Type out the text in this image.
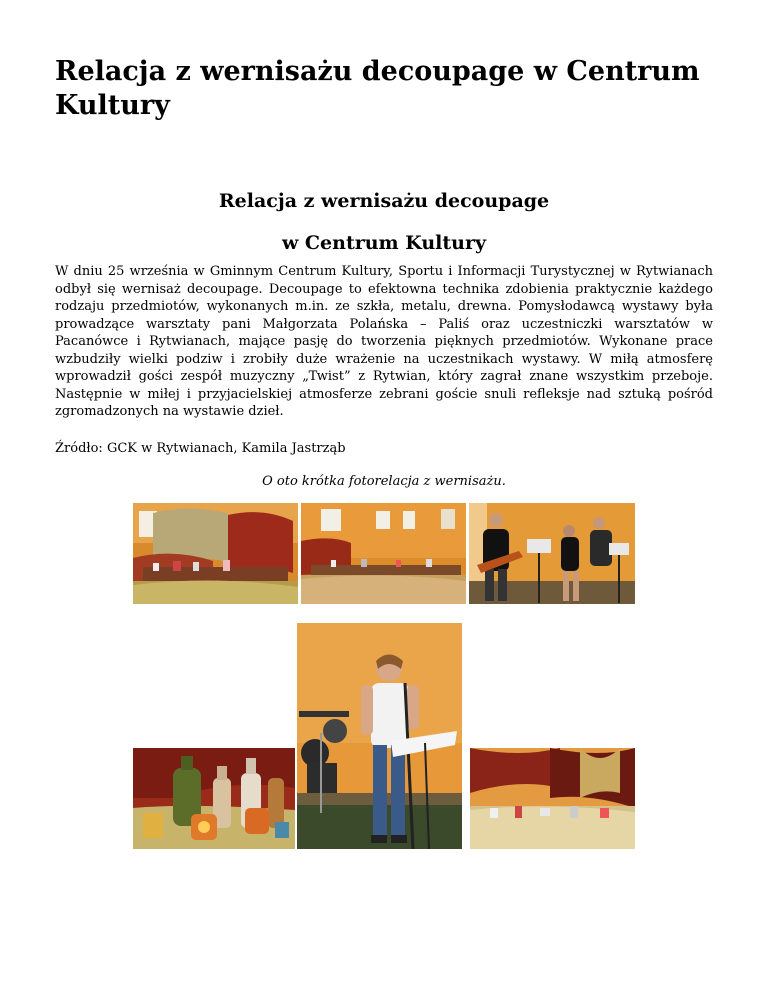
Relacja z wernisażu decoupage w Centrum Kultury
Relacja z wernisażu decoupage
w Centrum Kultury

W dniu 25 września w Gminnym Centrum Kultury, Sportu i Informacji Turystycznej w Rytwianach odbył się wernisaż decoupage. Decoupage to efektowna technika zdobienia praktycznie każdego rodzaju przedmiotów, wykonanych m.in. ze szkła, metalu, drewna. Pomysłodawcą wystawy była prowadzące warsztaty pani Małgorzata Polańska – Paliś oraz uczestniczki warsztatów w Pacanówce i Rytwianach, mające pasję do tworzenia pięknych przedmiotów. Wykonane prace wzbudziły wielki podziw i zrobiły duże wrażenie na uczestnikach wystawy. W miłą atmosferę wprowadził gości zespół muzyczny „Twist” z Rytwian, który zagrał znane wszystkim przeboje. Następnie w miłej i przyjacielskiej atmosferze zebrani goście snuli refleksje nad sztuką pośród zgromadzonych na wystawie dzieł.

Źródło: GCK w Rytwianach, Kamila Jastrząb

O oto krótka fotorelacja z wernisażu.
